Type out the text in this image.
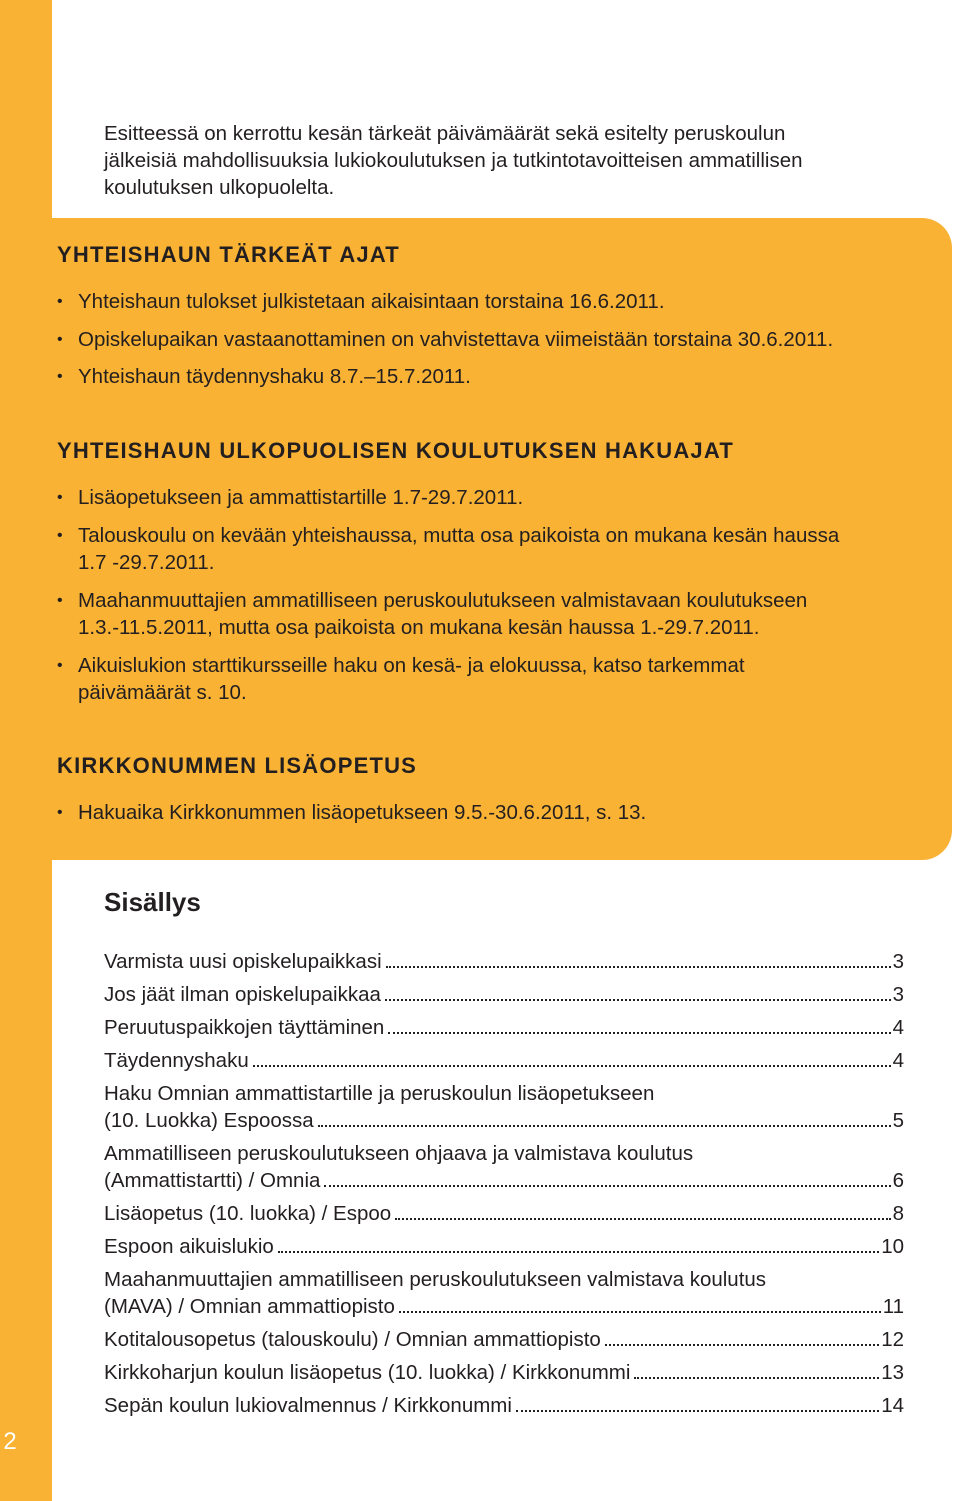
2
Esitteessä on kerrottu kesän tärkeät päivämäärät sekä esitelty peruskoulun
jälkeisiä mahdollisuuksia lukiokoulutuksen ja tutkintotavoitteisen ammatillisen
koulutuksen ulkopuolelta.
YHTEISHAUN TÄRKEÄT AJAT
• Yhteishaun tulokset julkistetaan aikaisintaan torstaina 16.6.2011.
• Opiskelupaikan vastaanottaminen on vahvistettava viimeistään torstaina 30.6.2011.
• Yhteishaun täydennyshaku 8.7.–15.7.2011.
YHTEISHAUN ULKOPUOLISEN KOULUTUKSEN HAKUAJAT
• Lisäopetukseen ja ammattistartille 1.7-29.7.2011.
• Talouskoulu on kevään yhteishaussa, mutta osa paikoista on mukana kesän haussa
1.7 -29.7.2011.
• Maahanmuuttajien ammatilliseen peruskoulutukseen valmistavaan koulutukseen
1.3.-11.5.2011, mutta osa paikoista on mukana kesän haussa 1.-29.7.2011.
• Aikuislukion starttikursseille haku on kesä- ja elokuussa, katso tarkemmat
päivämäärät s. 10.
KIRKKONUMMEN LISÄOPETUS
• Hakuaika Kirkkonummen lisäopetukseen 9.5.-30.6.2011, s. 13.
Sisällys
Varmista uusi opiskelupaikkasi	3
Jos jäät ilman opiskelupaikkaa	3
Peruutuspaikkojen täyttäminen	4
Täydennyshaku	4
Haku Omnian ammattistartille ja peruskoulun lisäopetukseen
(10. Luokka) Espoossa	5
Ammatilliseen peruskoulutukseen ohjaava ja valmistava koulutus
(Ammattistartti) / Omnia	6
Lisäopetus (10. luokka) / Espoo	8
Espoon aikuislukio	10
Maahanmuuttajien ammatilliseen peruskoulutukseen valmistava koulutus
(MAVA) / Omnian ammattiopisto	11
Kotitalousopetus (talouskoulu) / Omnian ammattiopisto	12
Kirkkoharjun koulun lisäopetus (10. luokka) / Kirkkonummi	13
Sepän koulun lukiovalmennus / Kirkkonummi	14
